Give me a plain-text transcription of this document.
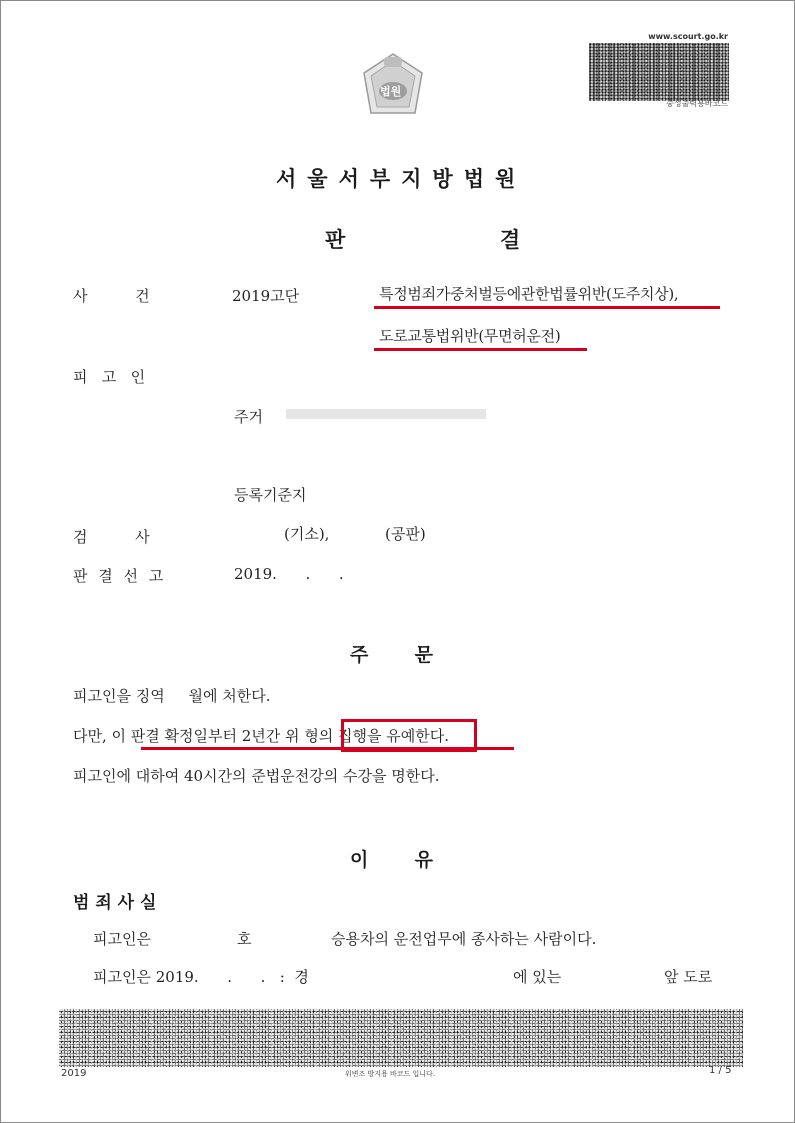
법원
www.scourt.go.kr
중성출력용바코드
서울서부지방법원
판  결
사          건	2019고단	특정범죄가중처벌등에관한법률위반(도주치상),
도로교통법위반(무면허운전)
피   고   인
주거
등록기준지
검          사	(기소),	(공판)
판 결 선 고	2019.      .      .
주       문
피고인을 징역     월에 처한다.
다만, 이 판결 확정일부터 2년간 위 형의 집행을 유예한다.
피고인에 대하여 40시간의 준법운전강의 수강을 명한다.
이       유
범 죄 사 실
피고인은	호	승용차의 운전업무에 종사하는 사람이다.
피고인은 2019.      .      .   :  경	에 있는	앞 도로
2019	위변조 방지용 바코드 입니다.	1 / 5
